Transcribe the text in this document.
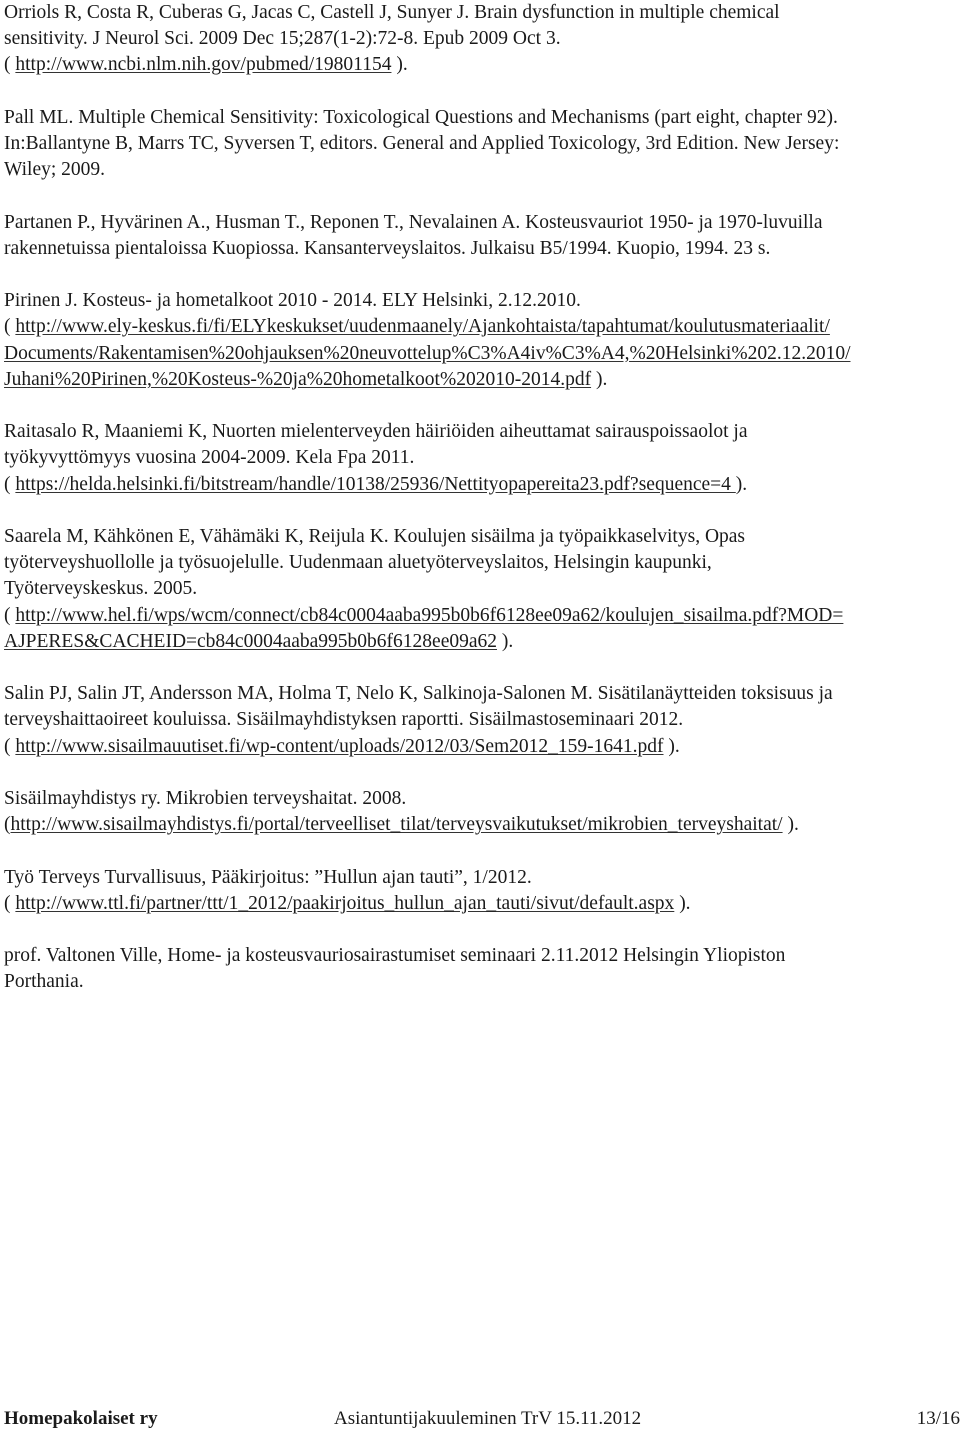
Orriols R, Costa R, Cuberas G, Jacas C, Castell J, Sunyer J. Brain dysfunction in multiple chemical
sensitivity. J Neurol Sci. 2009 Dec 15;287(1-2):72-8. Epub 2009 Oct 3.
( http://www.ncbi.nlm.nih.gov/pubmed/19801154 ).
Pall ML. Multiple Chemical Sensitivity: Toxicological Questions and Mechanisms (part eight, chapter 92).
In:Ballantyne B, Marrs TC, Syversen T, editors. General and Applied Toxicology, 3rd Edition. New Jersey:
Wiley; 2009.
Partanen P., Hyvärinen A., Husman T., Reponen T., Nevalainen A. Kosteusvauriot 1950- ja 1970-luvuilla
rakennetuissa pientaloissa Kuopiossa. Kansanterveyslaitos. Julkaisu B5/1994. Kuopio, 1994. 23 s.
Pirinen J. Kosteus- ja hometalkoot 2010 - 2014. ELY Helsinki, 2.12.2010.
( http://www.ely-keskus.fi/fi/ELYkeskukset/uudenmaanely/Ajankohtaista/tapahtumat/koulutusmateriaalit/
Documents/Rakentamisen%20ohjauksen%20neuvottelup%C3%A4iv%C3%A4,%20Helsinki%202.12.2010/
Juhani%20Pirinen,%20Kosteus-%20ja%20hometalkoot%202010-2014.pdf ).
Raitasalo R, Maaniemi K, Nuorten mielenterveyden häiriöiden aiheuttamat sairauspoissaolot ja
työkyvyttömyys vuosina 2004-2009. Kela Fpa 2011.
( https://helda.helsinki.fi/bitstream/handle/10138/25936/Nettityopapereita23.pdf?sequence=4 ).
Saarela M, Kähkönen E, Vähämäki K, Reijula K. Koulujen sisäilma ja työpaikkaselvitys, Opas
työterveyshuollolle ja työsuojelulle. Uudenmaan aluetyöterveyslaitos, Helsingin kaupunki,
Työterveyskeskus. 2005.
( http://www.hel.fi/wps/wcm/connect/cb84c0004aaba995b0b6f6128ee09a62/koulujen_sisailma.pdf?MOD=
AJPERES&CACHEID=cb84c0004aaba995b0b6f6128ee09a62 ).
Salin PJ, Salin JT, Andersson MA, Holma T, Nelo K, Salkinoja-Salonen M. Sisätilanäytteiden toksisuus ja
terveyshaittaoireet kouluissa. Sisäilmayhdistyksen raportti. Sisäilmastoseminaari 2012.
( http://www.sisailmauutiset.fi/wp-content/uploads/2012/03/Sem2012_159-1641.pdf ).
Sisäilmayhdistys ry. Mikrobien terveyshaitat. 2008.
(http://www.sisailmayhdistys.fi/portal/terveelliset_tilat/terveysvaikutukset/mikrobien_terveyshaitat/ ).
Työ Terveys Turvallisuus, Pääkirjoitus: ”Hullun ajan tauti”, 1/2012.
( http://www.ttl.fi/partner/ttt/1_2012/paakirjoitus_hullun_ajan_tauti/sivut/default.aspx ).
prof. Valtonen Ville, Home- ja kosteusvauriosairastumiset seminaari 2.11.2012 Helsingin Yliopiston
Porthania.
Homepakolaiset ry	Asiantuntijakuuleminen TrV 15.11.2012	13/16
